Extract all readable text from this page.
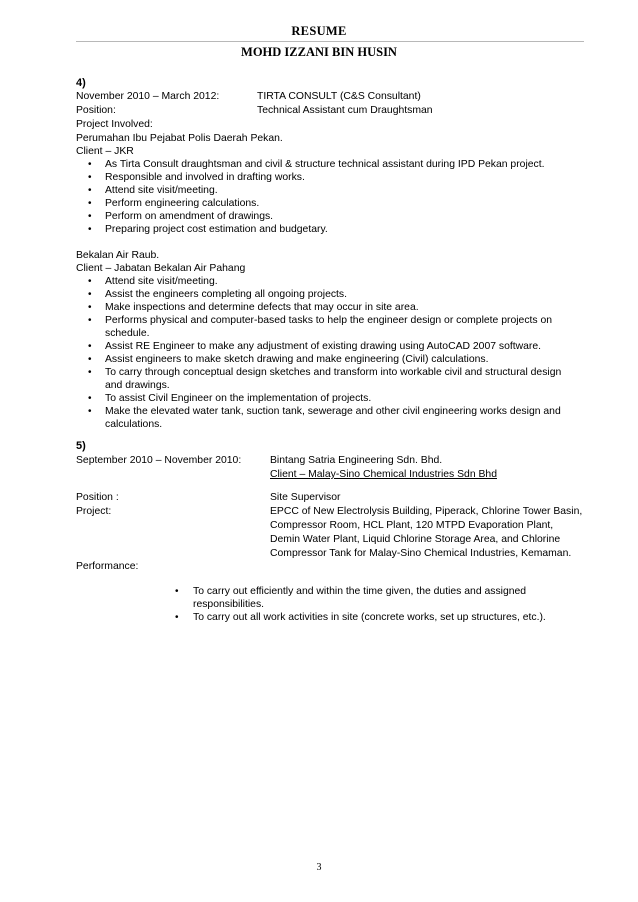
RESUME
MOHD IZZANI BIN HUSIN
4)
November 2010 – March 2012:	TIRTA CONSULT (C&S Consultant)
Position:	Technical Assistant cum Draughtsman
Project Involved:
Perumahan Ibu Pejabat Polis Daerah Pekan.
Client – JKR
• As Tirta Consult draughtsman and civil & structure technical assistant during IPD Pekan project.
• Responsible and involved in drafting works.
• Attend site visit/meeting.
• Perform engineering calculations.
• Perform on amendment of drawings.
• Preparing project cost estimation and budgetary.
Bekalan Air Raub.
Client – Jabatan Bekalan Air Pahang
• Attend site visit/meeting.
• Assist the engineers completing all ongoing projects.
• Make inspections and determine defects that may occur in site area.
• Performs physical and computer-based tasks to help the engineer design or complete projects on
schedule.
• Assist RE Engineer to make any adjustment of existing drawing using AutoCAD 2007 software.
• Assist engineers to make sketch drawing and make engineering (Civil) calculations.
• To carry through conceptual design sketches and transform into workable civil and structural design
and drawings.
• To assist Civil Engineer on the implementation of projects.
• Make the elevated water tank, suction tank, sewerage and other civil engineering works design and
calculations.
5)
September 2010 – November 2010:	Bintang Satria Engineering Sdn. Bhd.
Client – Malay-Sino Chemical Industries Sdn Bhd
Position :	Site Supervisor
Project:	EPCC of New Electrolysis Building, Piperack, Chlorine Tower Basin,
Compressor Room, HCL Plant, 120 MTPD Evaporation Plant,
Demin Water Plant, Liquid Chlorine Storage Area, and Chlorine
Compressor Tank for Malay-Sino Chemical Industries, Kemaman.
Performance:
• To carry out efficiently and within the time given, the duties and assigned
responsibilities.
• To carry out all work activities in site (concrete works, set up structures, etc.).
3
